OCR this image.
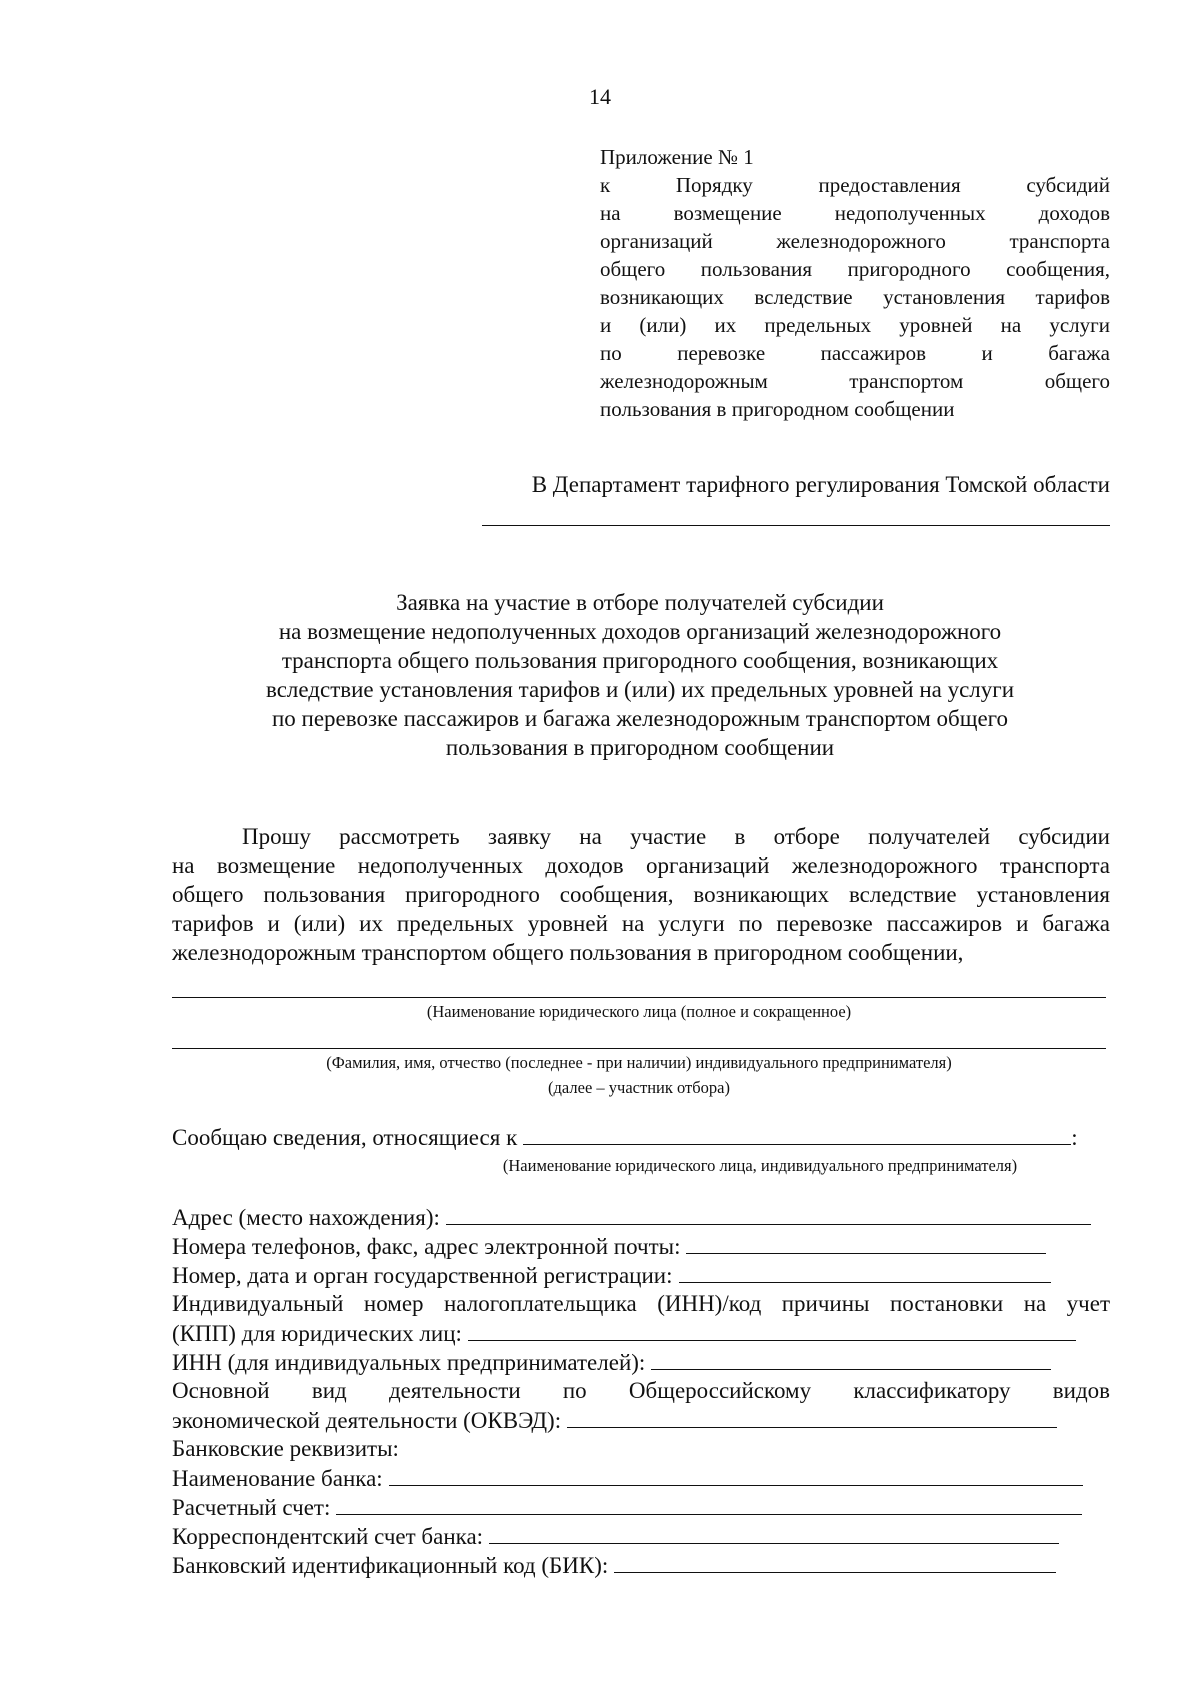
14
Приложение № 1
к Порядку предоставления субсидий
на возмещение недополученных доходов
организаций железнодорожного транспорта
общего пользования пригородного сообщения,
возникающих вследствие установления тарифов
и (или) их предельных уровней на услуги
по перевозке пассажиров и багажа
железнодорожным транспортом общего
пользования в пригородном сообщении
В Департамент тарифного регулирования Томской области
Заявка на участие в отборе получателей субсидии
на возмещение недополученных доходов организаций железнодорожного
транспорта общего пользования пригородного сообщения, возникающих
вследствие установления тарифов и (или) их предельных уровней на услуги
по перевозке пассажиров и багажа железнодорожным транспортом общего
пользования в пригородном сообщении
Прошу рассмотреть заявку на участие в отборе получателей субсидии
на возмещение недополученных доходов организаций железнодорожного транспорта
общего пользования пригородного сообщения, возникающих вследствие установления
тарифов и (или) их предельных уровней на услуги по перевозке пассажиров и багажа
железнодорожным транспортом общего пользования в пригородном сообщении,
(Наименование юридического лица (полное и сокращенное)
(Фамилия, имя, отчество (последнее - при наличии) индивидуального предпринимателя)
(далее – участник отбора)
Сообщаю сведения, относящиеся к	:
(Наименование юридического лица, индивидуального предпринимателя)
Адрес (место нахождения):
Номера телефонов, факс, адрес электронной почты:
Номер, дата и орган государственной регистрации:
Индивидуальный номер налогоплательщика (ИНН)/код причины постановки на учет
(КПП) для юридических лиц:
ИНН (для индивидуальных предпринимателей):
Основной вид деятельности по Общероссийскому классификатору видов
экономической деятельности (ОКВЭД):
Банковские реквизиты:
Наименование банка:
Расчетный счет:
Корреспондентский счет банка:
Банковский идентификационный код (БИК):
